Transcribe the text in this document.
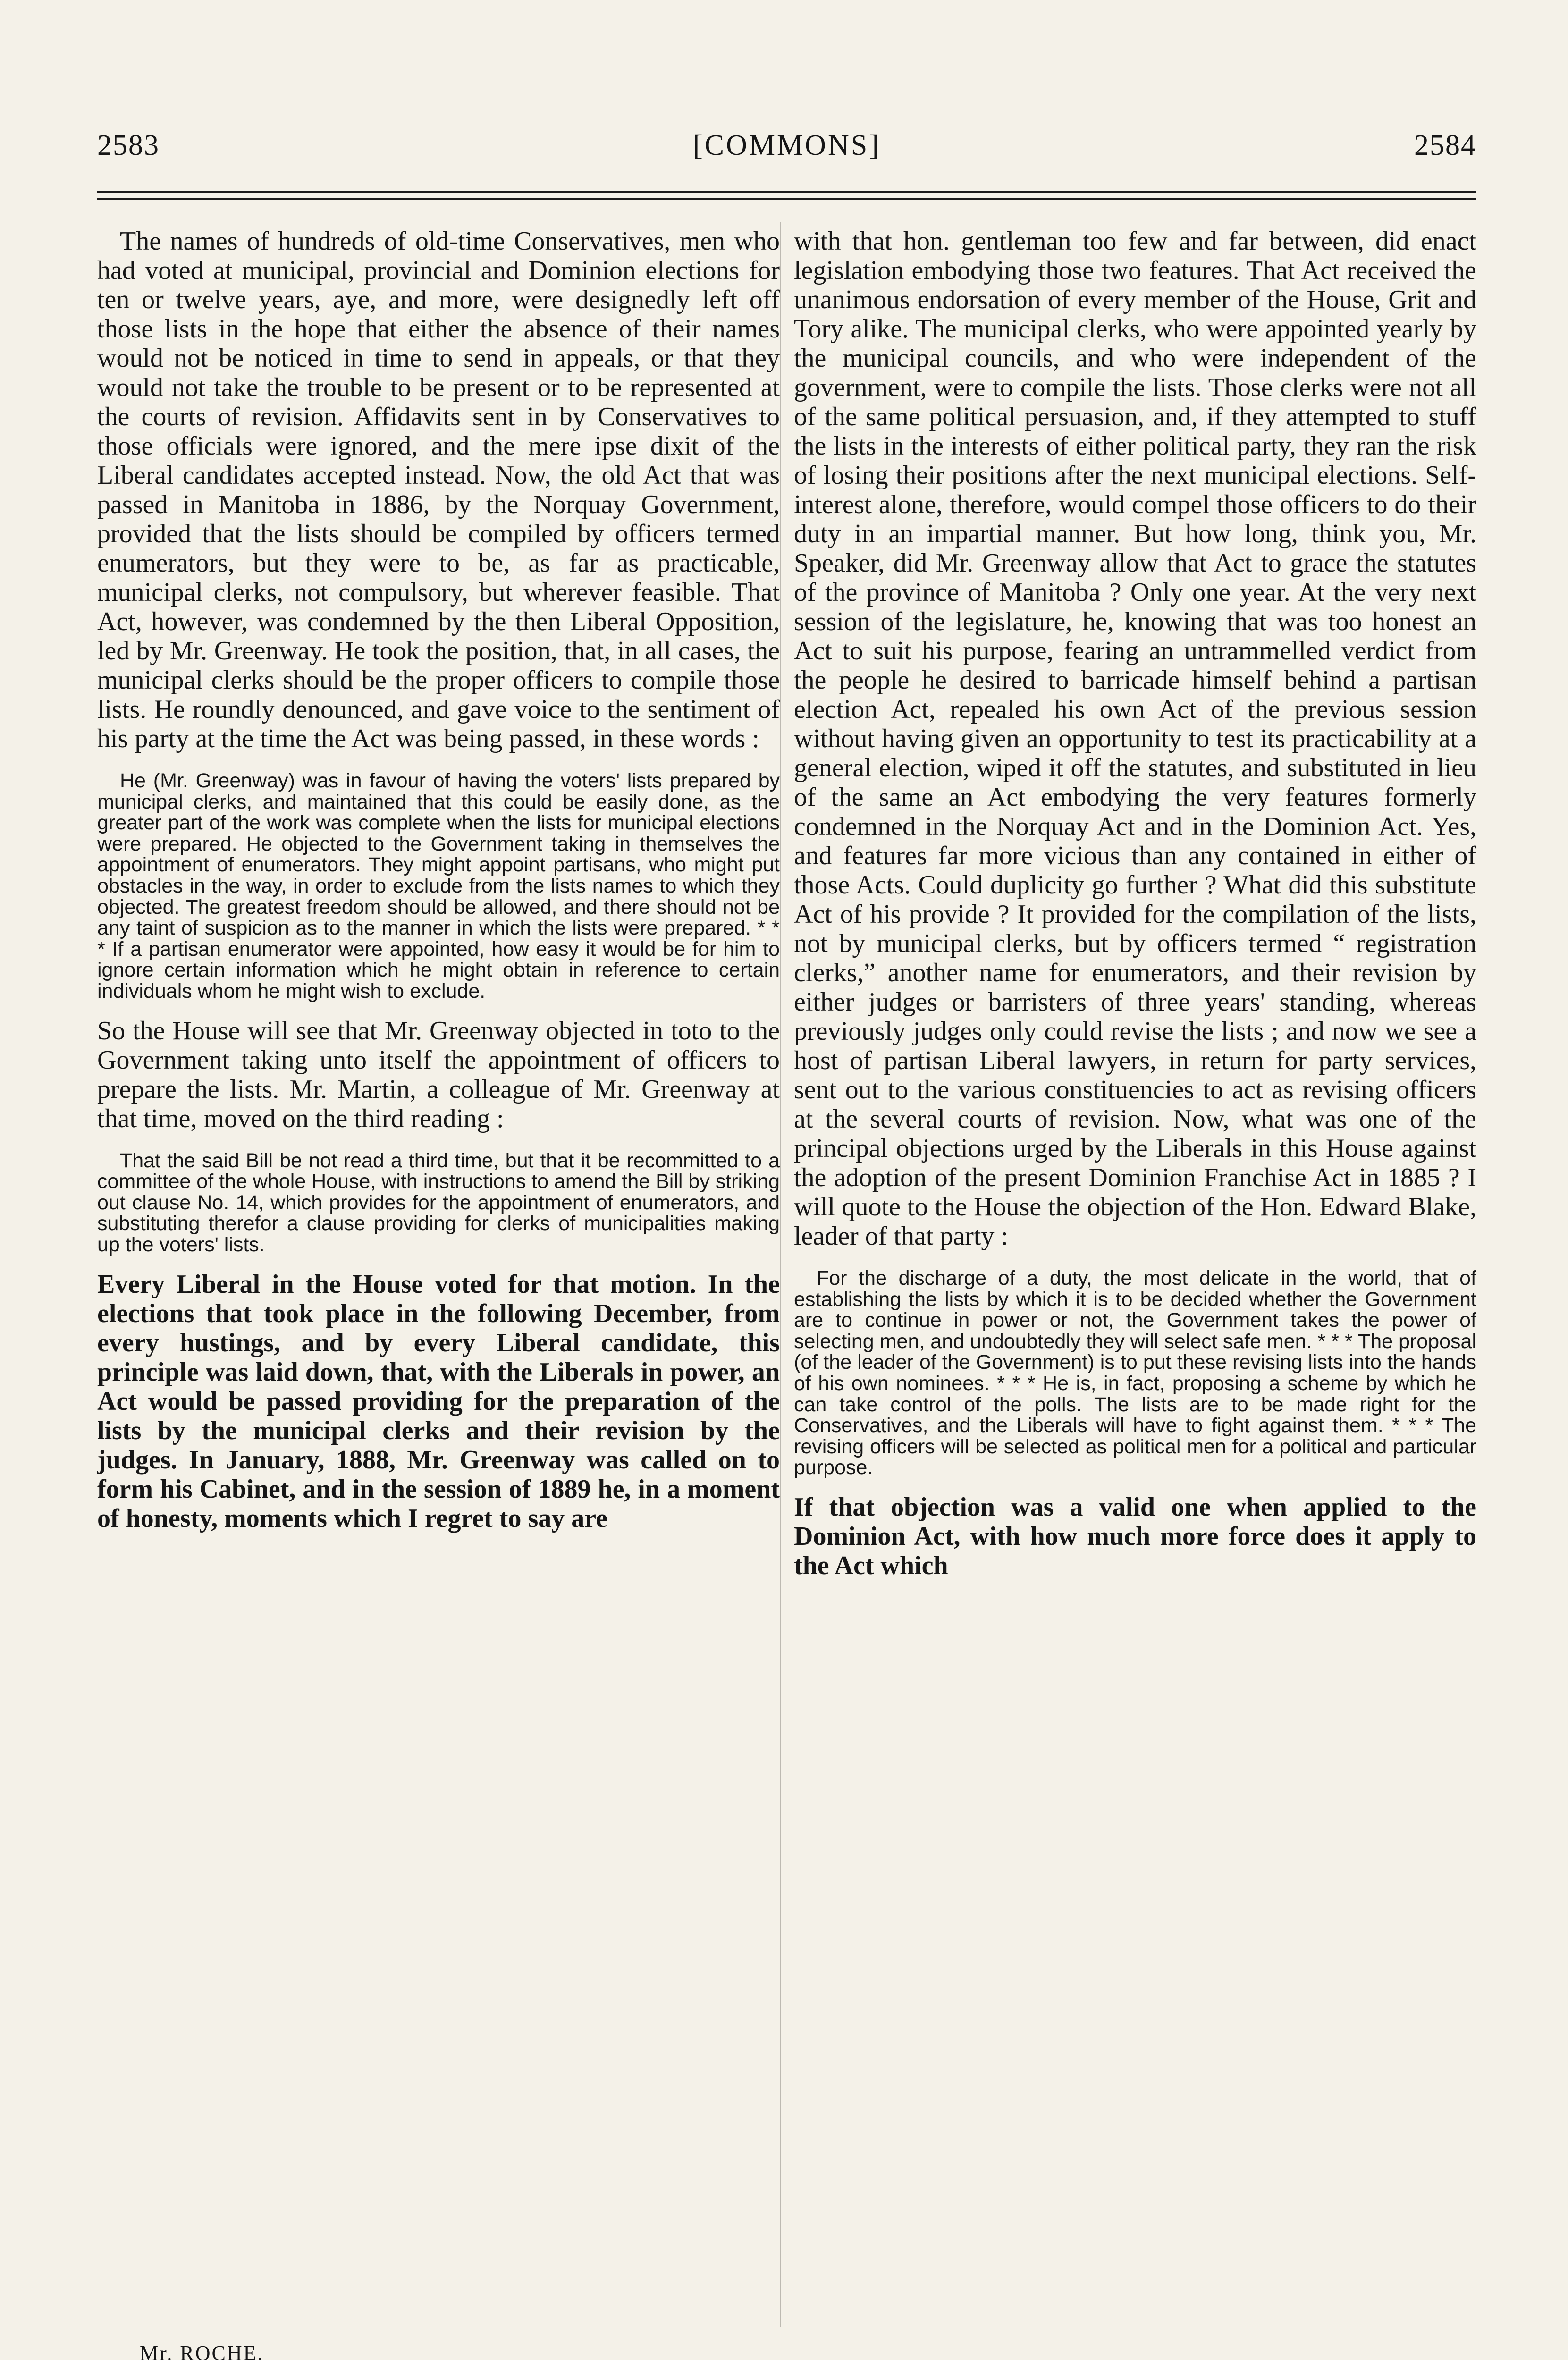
2583	[COMMONS]	2584

The names of hundreds of old-time Conservatives, men who had voted at municipal, provincial and Dominion elections for ten or twelve years, aye, and more, were designedly left off those lists in the hope that either the absence of their names would not be noticed in time to send in appeals, or that they would not take the trouble to be present or to be represented at the courts of revision. Affidavits sent in by Conservatives to those officials were ignored, and the mere ipse dixit of the Liberal candidates accepted instead. Now, the old Act that was passed in Manitoba in 1886, by the Norquay Government, provided that the lists should be compiled by officers termed enumerators, but they were to be, as far as practicable, municipal clerks, not compulsory, but wherever feasible. That Act, however, was condemned by the then Liberal Opposition, led by Mr. Greenway. He took the position, that, in all cases, the municipal clerks should be the proper officers to compile those lists. He roundly denounced, and gave voice to the sentiment of his party at the time the Act was being passed, in these words :

He (Mr. Greenway) was in favour of having the voters' lists prepared by municipal clerks, and maintained that this could be easily done, as the greater part of the work was complete when the lists for municipal elections were prepared. He objected to the Government taking in themselves the appointment of enumerators. They might appoint partisans, who might put obstacles in the way, in order to exclude from the lists names to which they objected. The greatest freedom should be allowed, and there should not be any taint of suspicion as to the manner in which the lists were prepared. * * * If a partisan enumerator were appointed, how easy it would be for him to ignore certain information which he might obtain in reference to certain individuals whom he might wish to exclude.

So the House will see that Mr. Greenway objected in toto to the Government taking unto itself the appointment of officers to prepare the lists. Mr. Martin, a colleague of Mr. Greenway at that time, moved on the third reading :

That the said Bill be not read a third time, but that it be recommitted to a committee of the whole House, with instructions to amend the Bill by striking out clause No. 14, which provides for the appointment of enumerators, and substituting therefor a clause providing for clerks of municipalities making up the voters' lists.

Every Liberal in the House voted for that motion. In the elections that took place in the following December, from every hustings, and by every Liberal candidate, this principle was laid down, that, with the Liberals in power, an Act would be passed providing for the preparation of the lists by the municipal clerks and their revision by the judges. In January, 1888, Mr. Greenway was called on to form his Cabinet, and in the session of 1889 he, in a moment of honesty, moments which I regret to say are

with that hon. gentleman too few and far between, did enact legislation embodying those two features. That Act received the unanimous endorsation of every member of the House, Grit and Tory alike. The municipal clerks, who were appointed yearly by the municipal councils, and who were independent of the government, were to compile the lists. Those clerks were not all of the same political persuasion, and, if they attempted to stuff the lists in the interests of either political party, they ran the risk of losing their positions after the next municipal elections. Self-interest alone, therefore, would compel those officers to do their duty in an impartial manner. But how long, think you, Mr. Speaker, did Mr. Greenway allow that Act to grace the statutes of the province of Manitoba ? Only one year. At the very next session of the legislature, he, knowing that was too honest an Act to suit his purpose, fearing an untrammelled verdict from the people he desired to barricade himself behind a partisan election Act, repealed his own Act of the previous session without having given an opportunity to test its practicability at a general election, wiped it off the statutes, and substituted in lieu of the same an Act embodying the very features formerly condemned in the Norquay Act and in the Dominion Act. Yes, and features far more vicious than any contained in either of those Acts. Could duplicity go further ? What did this substitute Act of his provide ? It provided for the compilation of the lists, not by municipal clerks, but by officers termed “ registration clerks,” another name for enumerators, and their revision by either judges or barristers of three years' standing, whereas previously judges only could revise the lists ; and now we see a host of partisan Liberal lawyers, in return for party services, sent out to the various constituencies to act as revising officers at the several courts of revision. Now, what was one of the principal objections urged by the Liberals in this House against the adoption of the present Dominion Franchise Act in 1885 ? I will quote to the House the objection of the Hon. Edward Blake, leader of that party :

For the discharge of a duty, the most delicate in the world, that of establishing the lists by which it is to be decided whether the Government are to continue in power or not, the Government takes the power of selecting men, and undoubtedly they will select safe men. * * * The proposal (of the leader of the Government) is to put these revising lists into the hands of his own nominees. * * * He is, in fact, proposing a scheme by which he can take control of the polls. The lists are to be made right for the Conservatives, and the Liberals will have to fight against them. * * * The revising officers will be selected as political men for a political and particular purpose.

If that objection was a valid one when applied to the Dominion Act, with how much more force does it apply to the Act which

Mr. ROCHE.
